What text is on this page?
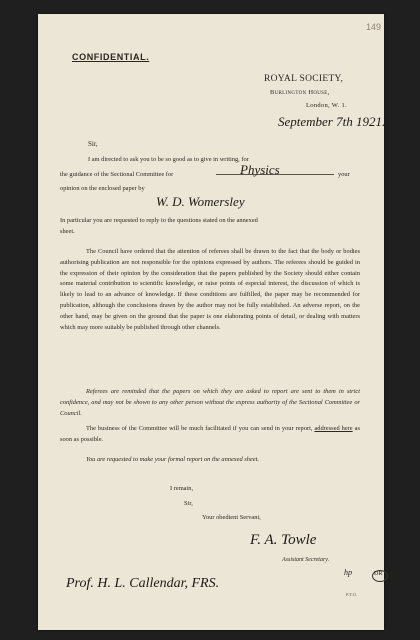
149
CONFIDENTIAL.
ROYAL SOCIETY,
Burlington House,
London, W. 1.
September 7th 1921.
Sir,
I am directed to ask you to be so good as to give in writing, for
the guidance of the Sectional Committee for	Physics	your
opinion on the enclosed paper by
W. D. Womersley
In particular you are requested to reply to the questions stated on the annexed
sheet.
The Council have ordered that the attention of referees shall be drawn to the fact that the body or bodies authorising publication are not responsible for the opinions expressed by authors. The referees should be guided in the expression of their opinion by the consideration that the papers published by the Society should either contain some material contribution to scientific knowledge, or raise points of especial interest, the discussion of which is likely to lead to an advance of knowledge. If these conditions are fulfilled, the paper may be recommended for publication, although the conclusions drawn by the author may not be fully established. An adverse report, on the other hand, may be given on the ground that the paper is one elaborating points of detail, or dealing with matters which may more suitably be published through other channels.
Referees are reminded that the papers on which they are asked to report are sent to them in strict confidence, and may not be shown to any other person without the express authority of the Sectional Committee or Council.
The business of the Committee will be much facilitated if you can send in your report, addressed here as soon as possible.
You are requested to make your formal report on the annexed sheet.
I remain,
Sir,
Your obedient Servant,
F. A. Towle
Assistant Secretary.
hp	DR
Prof. H. L. Callendar, FRS.
P.T.O.
